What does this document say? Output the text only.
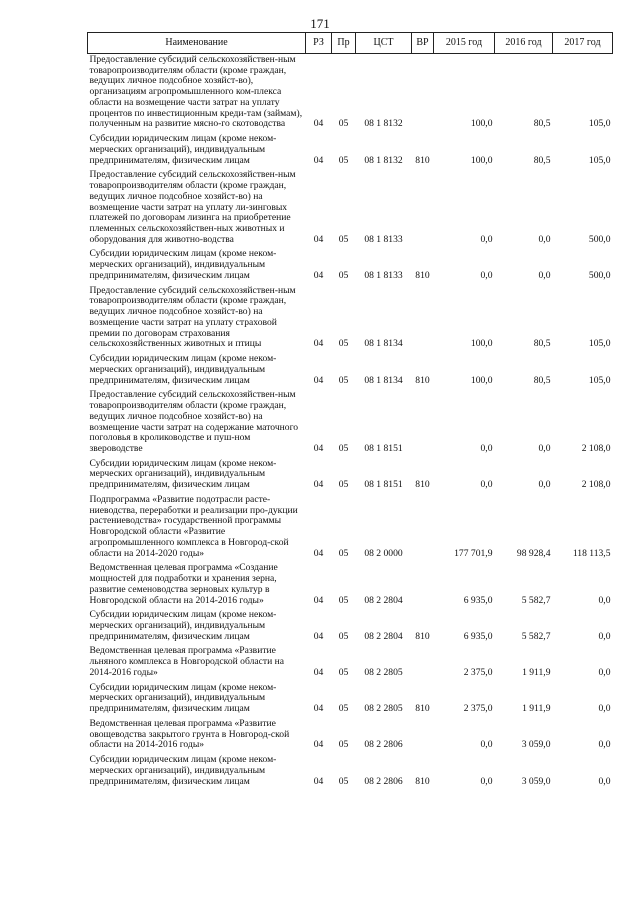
171
Наименование	РЗ	Пр	ЦСТ	ВР	2015 год	2016 год	2017 год
Предоставление субсидий сельскохозяйствен-ным товаропроизводителям области (кроме граждан, ведущих личное подсобное хозяйст-во), организациям агропромышленного ком-плекса области на возмещение части затрат на уплату процентов по инвестиционным креди-там (займам), полученным на развитие мясно-го скотоводства	04	05	08 1 8132		100,0	80,5	105,0
Субсидии юридическим лицам (кроме неком-мерческих организаций), индивидуальным предпринимателям, физическим лицам	04	05	08 1 8132	810	100,0	80,5	105,0
Предоставление субсидий сельскохозяйствен-ным товаропроизводителям области (кроме граждан, ведущих личное подсобное хозяйст-во) на возмещение части затрат на уплату ли-зинговых платежей по договорам лизинга на приобретение племенных сельскохозяйствен-ных животных и оборудования для животно-водства	04	05	08 1 8133		0,0	0,0	500,0
Субсидии юридическим лицам (кроме неком-мерческих организаций), индивидуальным предпринимателям, физическим лицам	04	05	08 1 8133	810	0,0	0,0	500,0
Предоставление субсидий сельскохозяйствен-ным товаропроизводителям области (кроме граждан, ведущих личное подсобное хозяйст-во) на возмещение части затрат на уплату страховой премии по договорам страхования сельскохозяйственных животных и птицы	04	05	08 1 8134		100,0	80,5	105,0
Субсидии юридическим лицам (кроме неком-мерческих организаций), индивидуальным предпринимателям, физическим лицам	04	05	08 1 8134	810	100,0	80,5	105,0
Предоставление субсидий сельскохозяйствен-ным товаропроизводителям области (кроме граждан, ведущих личное подсобное хозяйст-во) на возмещение части затрат на содержание маточного поголовья в кролиководстве и пуш-ном звероводстве	04	05	08 1 8151		0,0	0,0	2 108,0
Субсидии юридическим лицам (кроме неком-мерческих организаций), индивидуальным предпринимателям, физическим лицам	04	05	08 1 8151	810	0,0	0,0	2 108,0
Подпрограмма «Развитие подотрасли расте-ниеводства, переработки и реализации про-дукции растениеводства» государственной программы Новгородской области «Развитие агропромышленного комплекса в Новгород-ской области на 2014-2020 годы»	04	05	08 2 0000		177 701,9	98 928,4	118 113,5
Ведомственная целевая программа «Создание мощностей для подработки и хранения зерна, развитие семеноводства зерновых культур в Новгородской области на 2014-2016 годы»	04	05	08 2 2804		6 935,0	5 582,7	0,0
Субсидии юридическим лицам (кроме неком-мерческих организаций), индивидуальным предпринимателям, физическим лицам	04	05	08 2 2804	810	6 935,0	5 582,7	0,0
Ведомственная целевая программа «Развитие льняного комплекса в Новгородской области на 2014-2016 годы»	04	05	08 2 2805		2 375,0	1 911,9	0,0
Субсидии юридическим лицам (кроме неком-мерческих организаций), индивидуальным предпринимателям, физическим лицам	04	05	08 2 2805	810	2 375,0	1 911,9	0,0
Ведомственная целевая программа «Развитие овощеводства закрытого грунта в Новгород-ской области на 2014-2016 годы»	04	05	08 2 2806		0,0	3 059,0	0,0
Субсидии юридическим лицам (кроме неком-мерческих организаций), индивидуальным предпринимателям, физическим лицам	04	05	08 2 2806	810	0,0	3 059,0	0,0
